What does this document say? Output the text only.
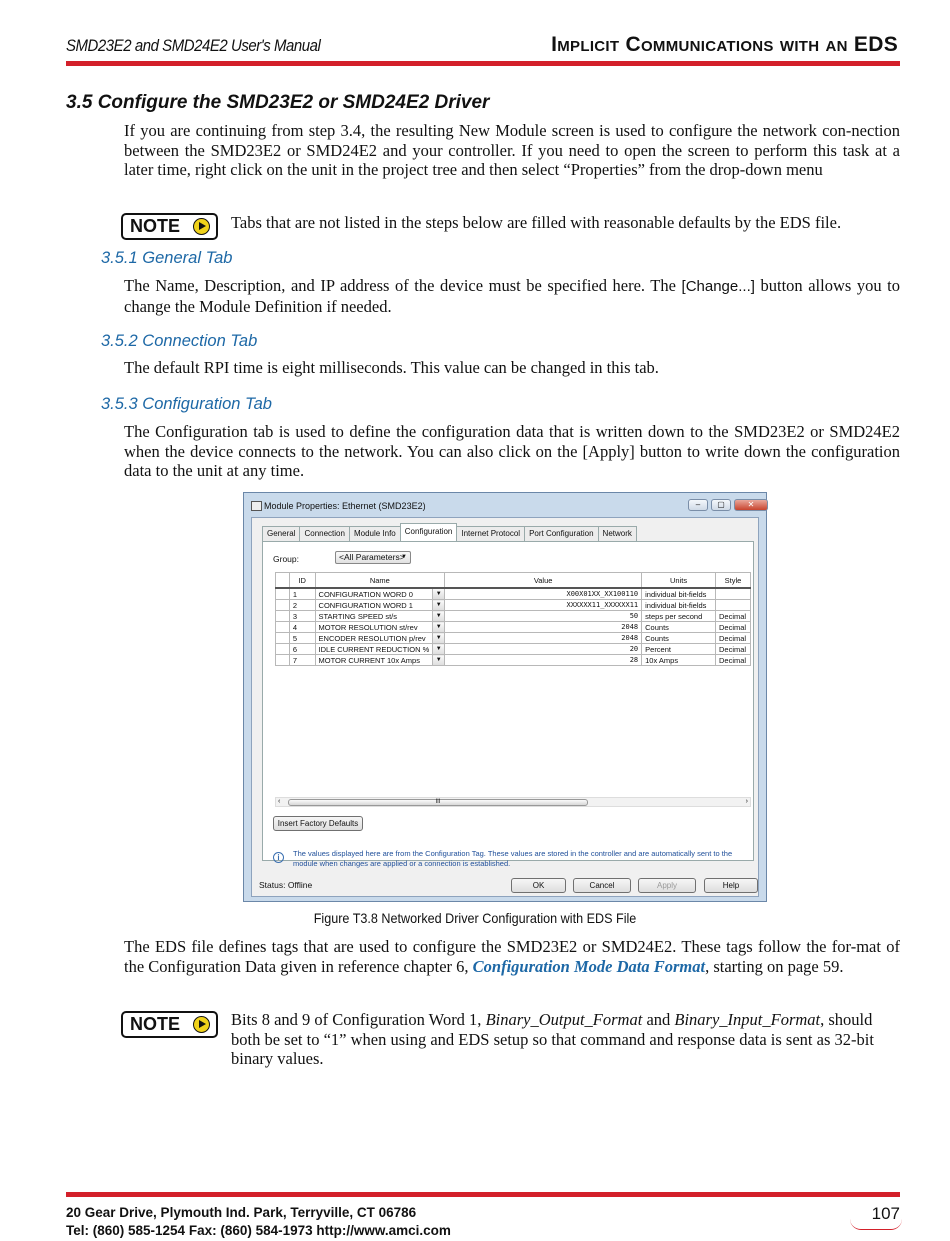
SMD23E2 and SMD24E2 User's Manual	Implicit Communications with an EDS
3.5 Configure the SMD23E2 or SMD24E2 Driver
If you are continuing from step 3.4, the resulting New Module screen is used to configure the network con-nection between the SMD23E2 or SMD24E2 and your controller. If you need to open the screen to perform this task at a later time, right click on the unit in the project tree and then select “Properties” from the drop-down menu
NOTE	Tabs that are not listed in the steps below are filled with reasonable defaults by the EDS file.
3.5.1 General Tab
The Name, Description, and IP address of the device must be specified here. The [Change...] button allows you to change the Module Definition if needed.
3.5.2 Connection Tab
The default RPI time is eight milliseconds. This value can be changed in this tab.
3.5.3 Configuration Tab
The Configuration tab is used to define the configuration data that is written down to the SMD23E2 or SMD24E2 when the device connects to the network. You can also click on the [Apply] button to write down the configuration data to the unit at any time.
Module Properties: Ethernet (SMD23E2)	–	▢	✕
General	Connection	Module Info	Configuration	Internet Protocol	Port Configuration	Network
Group:	<All Parameters> ▼
	ID	Name		Value	Units	Style
	1	CONFIGURATION WORD 0	▼	X00X01XX_XX100110	individual bit-fields	
	2	CONFIGURATION WORD 1	▼	XXXXXX11_XXXXXX11	individual bit-fields	
	3	STARTING SPEED st/s	▼	50	steps per second	Decimal
	4	MOTOR RESOLUTION st/rev	▼	2048	Counts	Decimal
	5	ENCODER RESOLUTION p/rev	▼	2048	Counts	Decimal
	6	IDLE CURRENT REDUCTION %	▼	20	Percent	Decimal
	7	MOTOR CURRENT 10x Amps	▼	28	10x Amps	Decimal
‹	III	›
Insert Factory Defaults
i	The values displayed here are from the Configuration Tag. These values are stored in the controller and are automatically sent to the module when changes are applied or a connection is established.
Status: Offline	OK	Cancel	Apply	Help
Figure T3.8 Networked Driver Configuration with EDS File
The EDS file defines tags that are used to configure the SMD23E2 or SMD24E2. These tags follow the for-mat of the Configuration Data given in reference chapter 6, Configuration Mode Data Format, starting on page 59.
NOTE	Bits 8 and 9 of Configuration Word 1, Binary_Output_Format and Binary_Input_Format, should both be set to “1” when using and EDS setup so that command and response data is sent as 32-bit binary values.
20 Gear Drive, Plymouth Ind. Park, Terryville, CT 06786
Tel: (860) 585-1254 Fax: (860) 584-1973 http://www.amci.com
107
